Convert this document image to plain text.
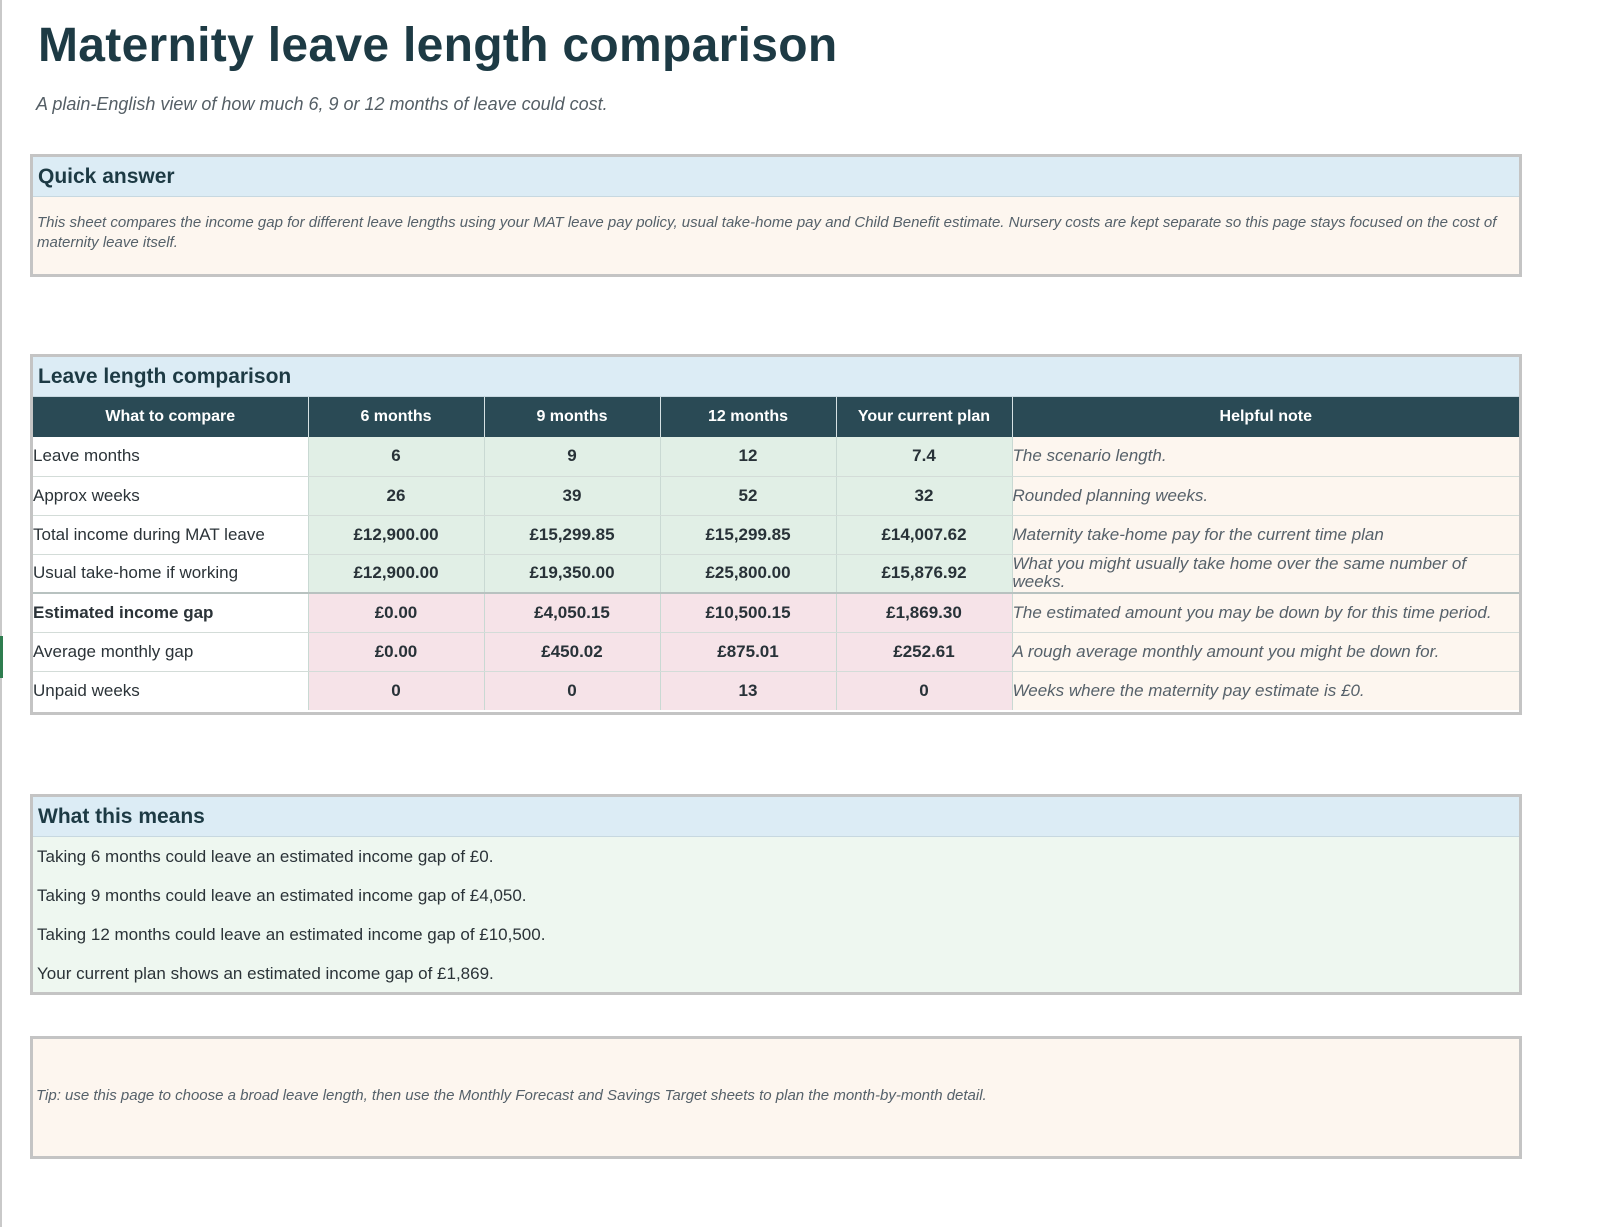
Maternity leave length comparison

A plain-English view of how much 6, 9 or 12 months of leave could cost.

Quick answer
This sheet compares the income gap for different leave lengths using your MAT leave pay policy, usual take-home pay and Child Benefit estimate. Nursery costs are kept separate so this page stays focused on the cost of maternity leave itself.
Leave length comparison
What to compare	6 months	9 months	12 months	Your current plan	Helpful note
Leave months	6	9	12	7.4	The scenario length.
Approx weeks	26	39	52	32	Rounded planning weeks.
Total income during MAT leave	£12,900.00	£15,299.85	£15,299.85	£14,007.62	Maternity take-home pay for the current time plan
Usual take-home if working	£12,900.00	£19,350.00	£25,800.00	£15,876.92	What you might usually take home over the same number of weeks.
Estimated income gap	£0.00	£4,050.15	£10,500.15	£1,869.30	The estimated amount you may be down by for this time period.
Average monthly gap	£0.00	£450.02	£875.01	£252.61	A rough average monthly amount you might be down for.
Unpaid weeks	0	0	13	0	Weeks where the maternity pay estimate is £0.
What this means
Taking 6 months could leave an estimated income gap of £0.
Taking 9 months could leave an estimated income gap of £4,050.
Taking 12 months could leave an estimated income gap of £10,500.
Your current plan shows an estimated income gap of £1,869.
Tip: use this page to choose a broad leave length, then use the Monthly Forecast and Savings Target sheets to plan the month-by-month detail.
